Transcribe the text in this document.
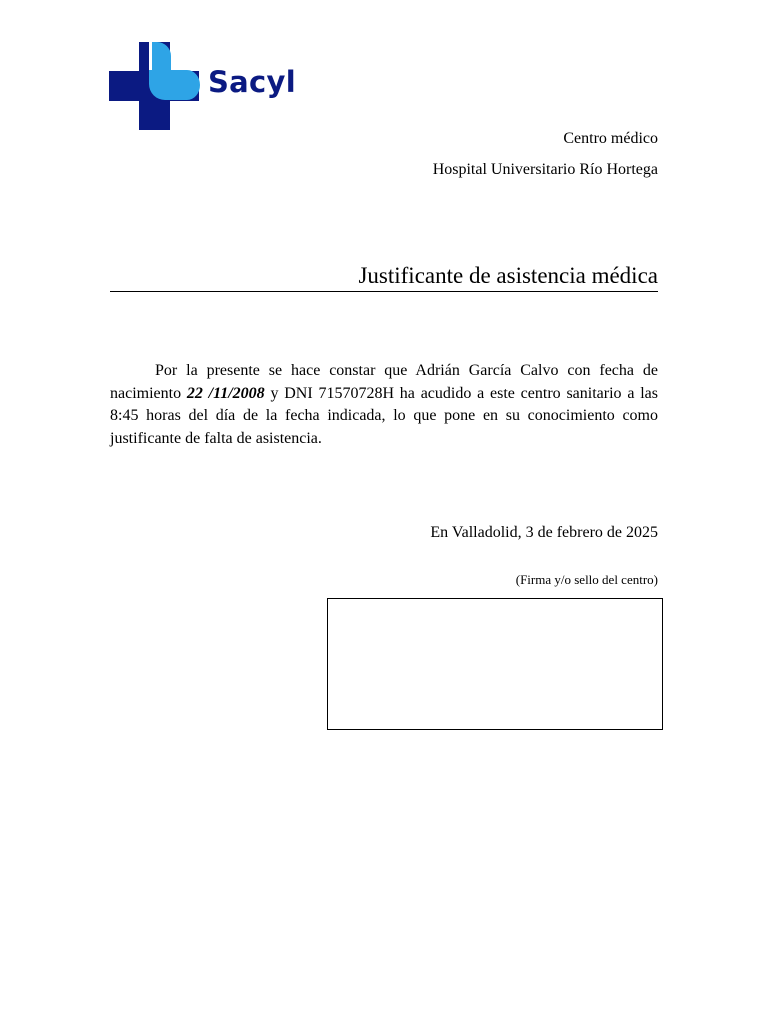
Sacyl
Centro médico
Hospital Universitario Río Hortega
Justificante de asistencia médica

Por la presente se hace constar que Adrián García Calvo con fecha de nacimiento 22 /11/2008 y DNI 71570728H ha acudido a este centro sanitario a las 8:45 horas del día de la fecha indicada, lo que pone en su conocimiento como justificante de falta de asistencia.

En Valladolid, 3 de febrero de 2025
(Firma y/o sello del centro)
